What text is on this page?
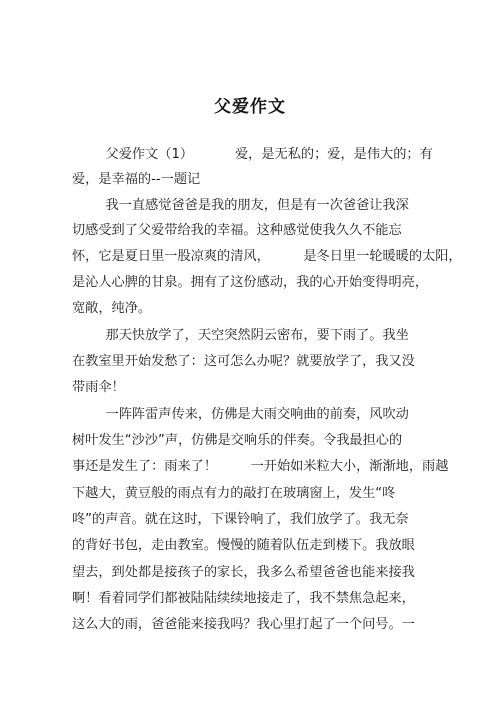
父爱作文
父爱作文（1）          爱，是无私的；爱，是伟大的；有
爱，是幸福的--一题记
我一直感觉爸爸是我的朋友，但是有一次爸爸让我深
切感受到了父爱带给我的幸福。这种感觉使我久久不能忘
怀，它是夏日里一股凉爽的清风，        是冬日里一轮暖暖的太阳，
是沁人心脾的甘泉。拥有了这份感动，我的心开始变得明亮，
宽敞，纯净。
那天快放学了，天空突然阴云密布，要下雨了。我坐
在教室里开始发愁了：这可怎么办呢？就要放学了，我又没
带雨伞！
一阵阵雷声传来，仿佛是大雨交响曲的前奏，风吹动
树叶发生“沙沙”声，仿佛是交响乐的伴奏。令我最担心的
事还是发生了：雨来了！        一开始如米粒大小，渐渐地，雨越
下越大，黄豆般的雨点有力的敲打在玻璃窗上，发生“咚
咚”的声音。就在这时，下课铃响了，我们放学了。我无奈
的背好书包，走由教室。慢慢的随着队伍走到楼下。我放眼
望去，到处都是接孩子的家长，我多么希望爸爸也能来接我
啊！看着同学们都被陆陆续续地接走了，我不禁焦急起来，
这么大的雨，爸爸能来接我吗？我心里打起了一个问号。一
